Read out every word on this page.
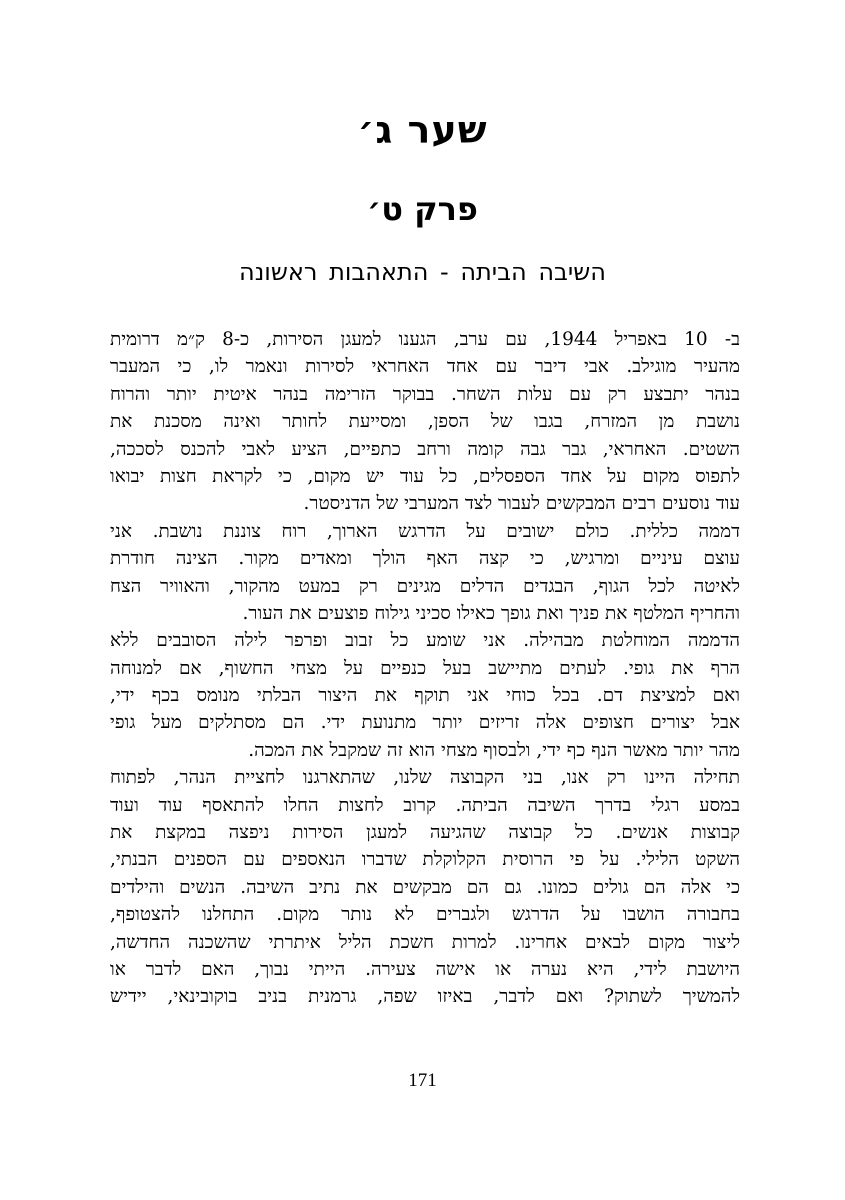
שער ג׳
פרק ט׳
השיבה הביתה - התאהבות ראשונה
ב- 10 באפריל 1944, עם ערב, הגענו למעגן הסירות, כ-8 ק״מ דרומית
מהעיר מוגילב. אבי דיבר עם אחד האחראי לסירות ונאמר לו, כי המעבר
בנהר יתבצע רק עם עלות השחר. בבוקר הזרימה בנהר איטית יותר והרוח
נושבת מן המזרח, בגבו של הספן, ומסייעת לחותר ואינה מסכנת את
השטים. האחראי, גבר גבה קומה ורחב כתפיים, הציע לאבי להכנס לסככה,
לתפוס מקום על אחד הספסלים, כל עוד יש מקום, כי לקראת חצות יבואו
עוד נוסעים רבים המבקשים לעבור לצד המערבי של הדניסטר.
דממה כללית. כולם ישובים על הדרגש הארוך, רוח צוננת נושבת. אני
עוצם עיניים ומרגיש, כי קצה האף הולך ומאדים מקור. הצינה חודרת
לאיטה לכל הגוף, הבגדים הדלים מגינים רק במעט מהקור, והאוויר הצח
והחריף המלטף את פניך ואת גופך כאילו סכיני גילוח פוצעים את העור.
הדממה המוחלטת מבהילה. אני שומע כל זבוב ופרפר לילה הסובבים ללא
הרף את גופי. לעתים מתיישב בעל כנפיים על מצחי החשוף, אם למנוחה
ואם למציצת דם. בכל כוחי אני תוקף את היצור הבלתי מנומס בכף ידי,
אבל יצורים חצופים אלה זריזים יותר מתנועת ידי. הם מסתלקים מעל גופי
מהר יותר מאשר הנף כף ידי, ולבסוף מצחי הוא זה שמקבל את המכה.
תחילה היינו רק אנו, בני הקבוצה שלנו, שהתארגנו לחציית הנהר, לפתוח
במסע רגלי בדרך השיבה הביתה. קרוב לחצות החלו להתאסף עוד ועוד
קבוצות אנשים. כל קבוצה שהגיעה למעגן הסירות ניפצה במקצת את
השקט הלילי. על פי הרוסית הקלוקלת שדברו הנאספים עם הספנים הבנתי,
כי אלה הם גולים כמונו. גם הם מבקשים את נתיב השיבה. הנשים והילדים
בחבורה הושבו על הדרגש ולגברים לא נותר מקום. התחלנו להצטופף,
ליצור מקום לבאים אחרינו. למרות חשכת הליל איתרתי שהשכנה החדשה,
היושבת לידי, היא נערה או אישה צעירה. הייתי נבוך, האם לדבר או
להמשיך לשתוק? ואם לדבר, באיזו שפה, גרמנית בניב בוקובינאי, יידיש
171
